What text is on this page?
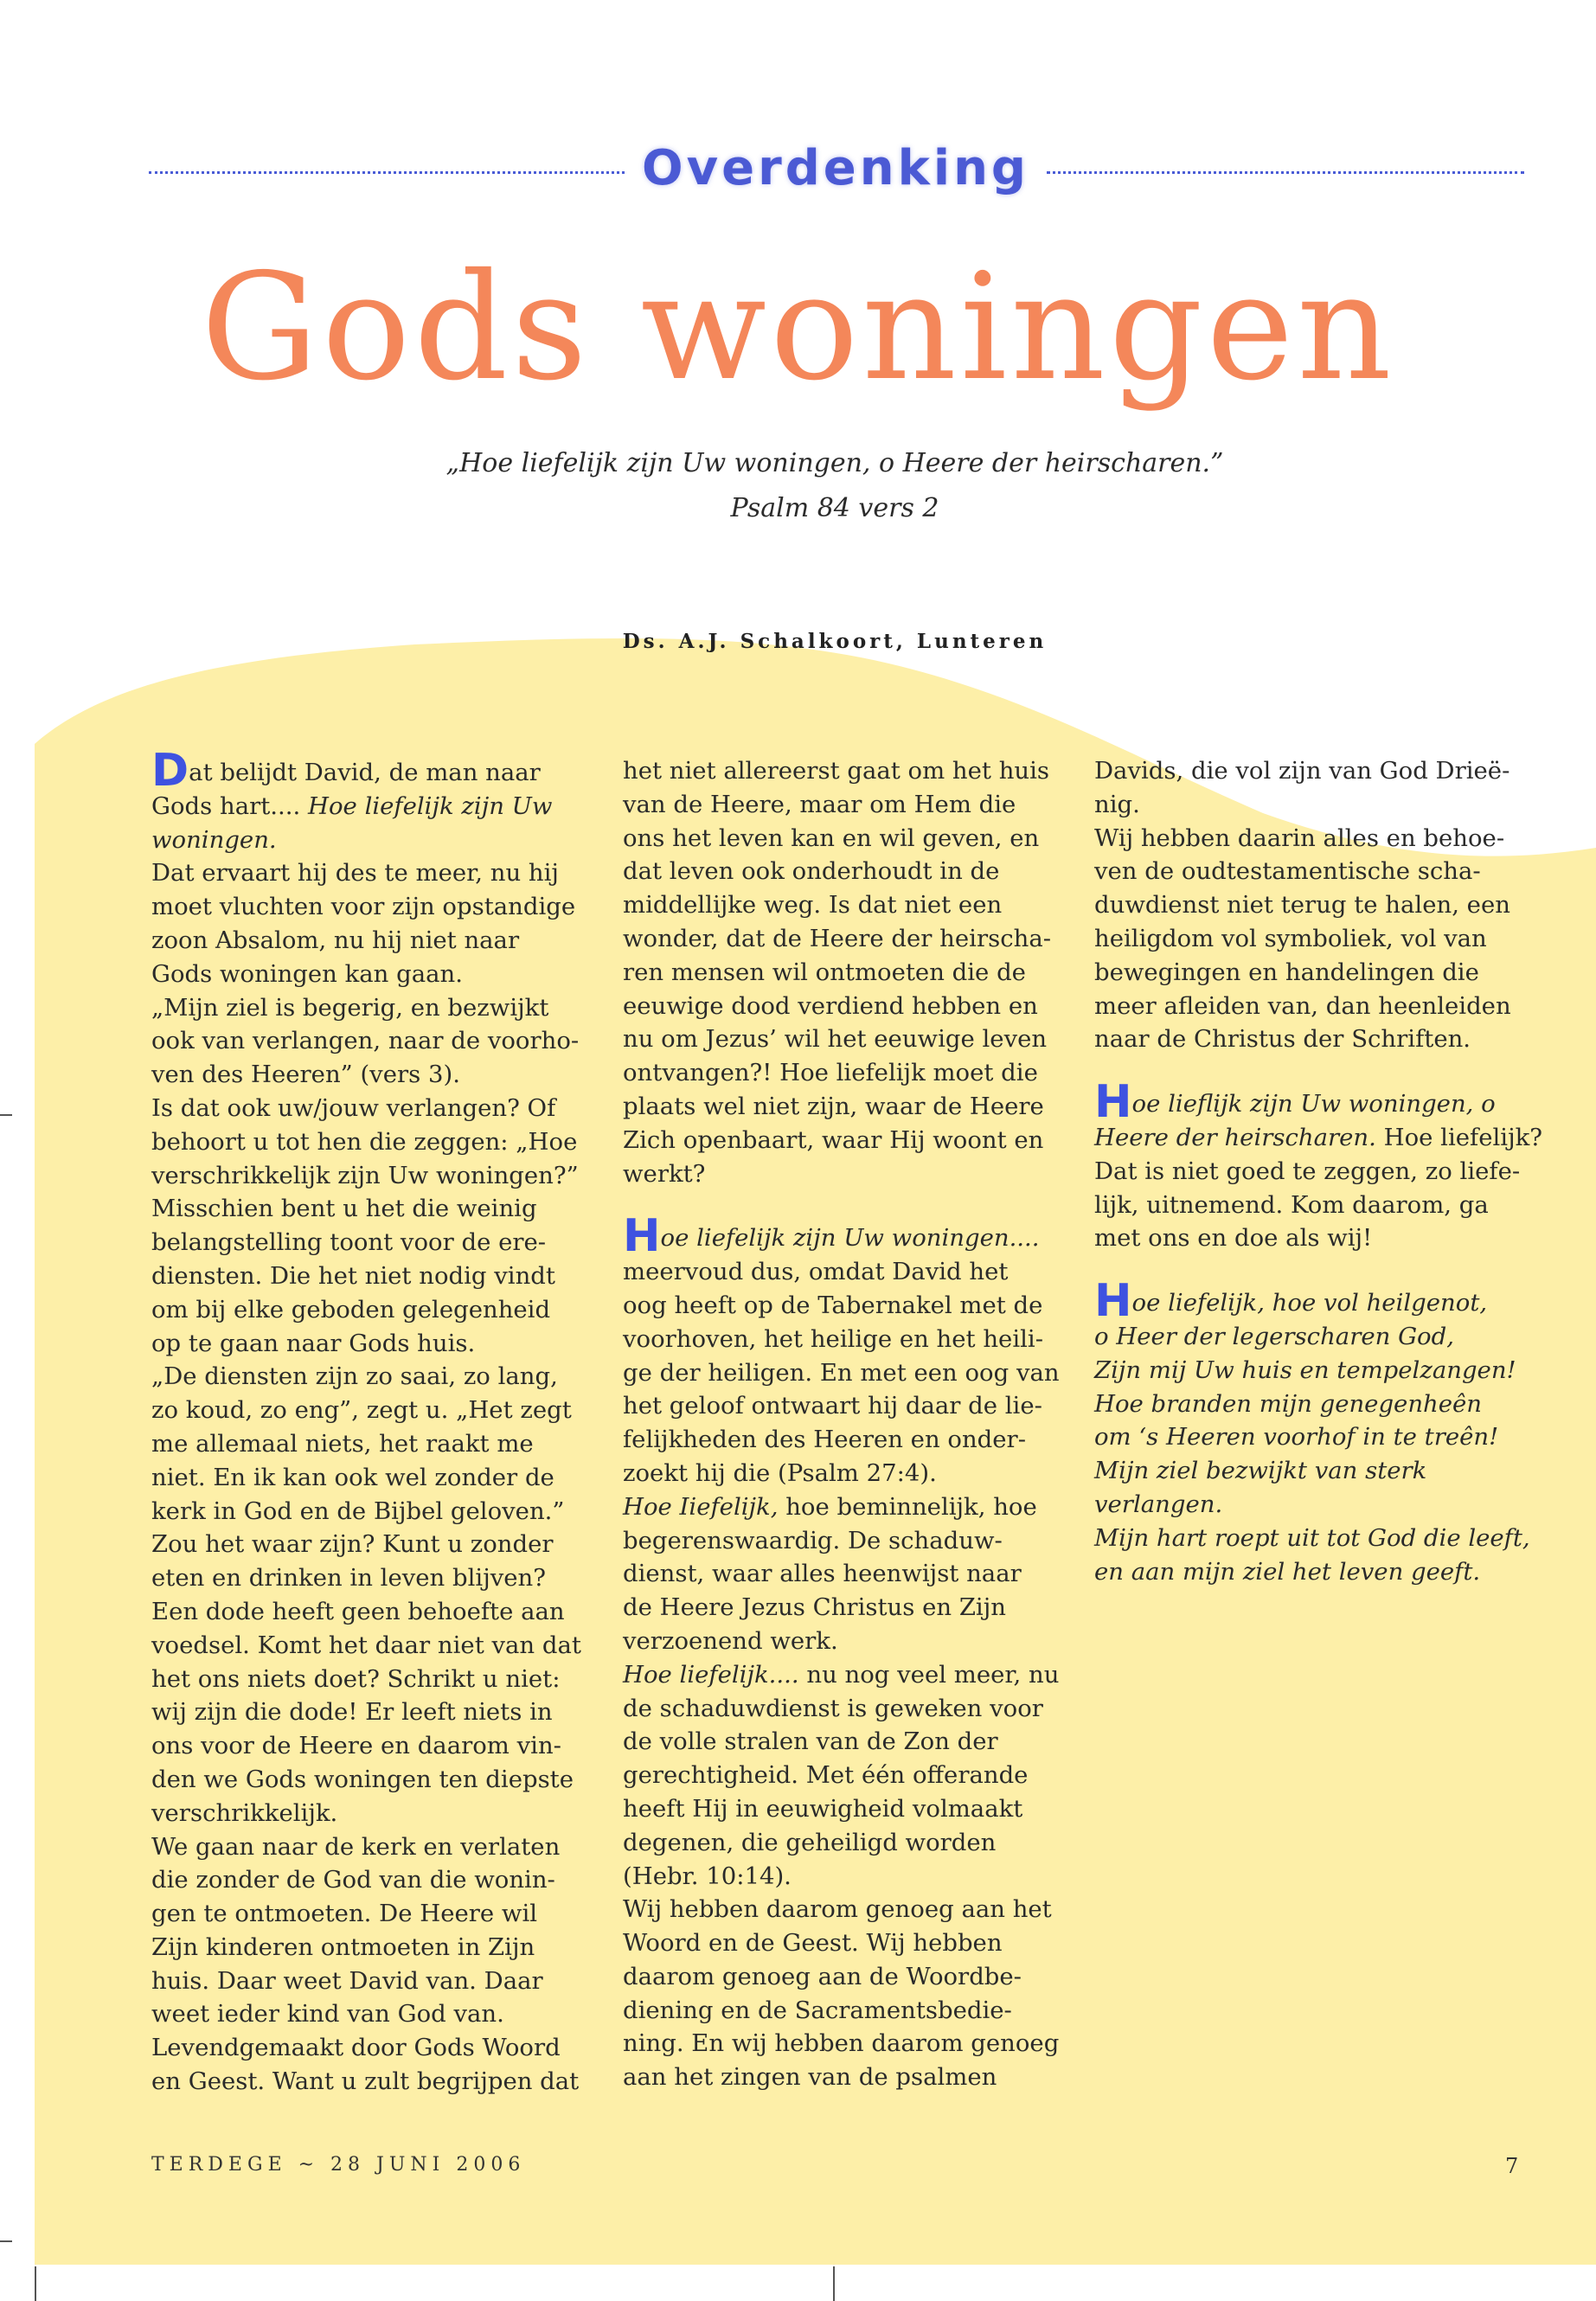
Overdenking
Gods woningen
„Hoe liefelijk zijn Uw woningen, o Heere der heirscharen.”
Psalm 84 vers 2
Ds. A.J. Schalkoort, Lunteren

Dat belijdt David, de man naar
Gods hart.... Hoe liefelijk zijn Uw
woningen.
Dat ervaart hij des te meer, nu hij
moet vluchten voor zijn opstandige
zoon Absalom, nu hij niet naar
Gods woningen kan gaan.
„Mijn ziel is begerig, en bezwijkt
ook van verlangen, naar de voorho-
ven des Heeren” (vers 3).
Is dat ook uw/jouw verlangen? Of
behoort u tot hen die zeggen: „Hoe
verschrikkelijk zijn Uw woningen?”
Misschien bent u het die weinig
belangstelling toont voor de ere-
diensten. Die het niet nodig vindt
om bij elke geboden gelegenheid
op te gaan naar Gods huis.
„De diensten zijn zo saai, zo lang,
zo koud, zo eng”, zegt u. „Het zegt
me allemaal niets, het raakt me
niet. En ik kan ook wel zonder de
kerk in God en de Bijbel geloven.”
Zou het waar zijn? Kunt u zonder
eten en drinken in leven blijven?
Een dode heeft geen behoefte aan
voedsel. Komt het daar niet van dat
het ons niets doet? Schrikt u niet:
wij zijn die dode! Er leeft niets in
ons voor de Heere en daarom vin-
den we Gods woningen ten diepste
verschrikkelijk.
We gaan naar de kerk en verlaten
die zonder de God van die wonin-
gen te ontmoeten. De Heere wil
Zijn kinderen ontmoeten in Zijn
huis. Daar weet David van. Daar
weet ieder kind van God van.
Levendgemaakt door Gods Woord
en Geest. Want u zult begrijpen dat

het niet allereerst gaat om het huis
van de Heere, maar om Hem die
ons het leven kan en wil geven, en
dat leven ook onderhoudt in de
middellijke weg. Is dat niet een
wonder, dat de Heere der heirscha-
ren mensen wil ontmoeten die de
eeuwige dood verdiend hebben en
nu om Jezus’ wil het eeuwige leven
ontvangen?! Hoe liefelijk moet die
plaats wel niet zijn, waar de Heere
Zich openbaart, waar Hij woont en
werkt?

Hoe liefelijk zijn Uw woningen....
meervoud dus, omdat David het
oog heeft op de Tabernakel met de
voorhoven, het heilige en het heili-
ge der heiligen. En met een oog van
het geloof ontwaart hij daar de lie-
felijkheden des Heeren en onder-
zoekt hij die (Psalm 27:4).
Hoe Iiefelijk, hoe beminnelijk, hoe
begerenswaardig. De schaduw-
dienst, waar alles heenwijst naar
de Heere Jezus Christus en Zijn
verzoenend werk.
Hoe liefelijk.... nu nog veel meer, nu
de schaduwdienst is geweken voor
de volle stralen van de Zon der
gerechtigheid. Met één offerande
heeft Hij in eeuwigheid volmaakt
degenen, die geheiligd worden
(Hebr. 10:14).
Wij hebben daarom genoeg aan het
Woord en de Geest. Wij hebben
daarom genoeg aan de Woordbe-
diening en de Sacramentsbedie-
ning. En wij hebben daarom genoeg
aan het zingen van de psalmen

Davids, die vol zijn van God Drieë-
nig.
Wij hebben daarin alles en behoe-
ven de oudtestamentische scha-
duwdienst niet terug te halen, een
heiligdom vol symboliek, vol van
bewegingen en handelingen die
meer afleiden van, dan heenleiden
naar de Christus der Schriften.

Hoe lieflijk zijn Uw woningen, o
Heere der heirscharen. Hoe liefelijk?
Dat is niet goed te zeggen, zo liefe-
lijk, uitnemend. Kom daarom, ga
met ons en doe als wij!

Hoe liefelijk, hoe vol heilgenot,
o Heer der legerscharen God,
Zijn mij Uw huis en tempelzangen!
Hoe branden mijn genegenheên
om ‘s Heeren voorhof in te treên!
Mijn ziel bezwijkt van sterk verlangen.
Mijn hart roept uit tot God die leeft,
en aan mijn ziel het leven geeft.

TERDEGE ~ 28 JUNI 2006	7
